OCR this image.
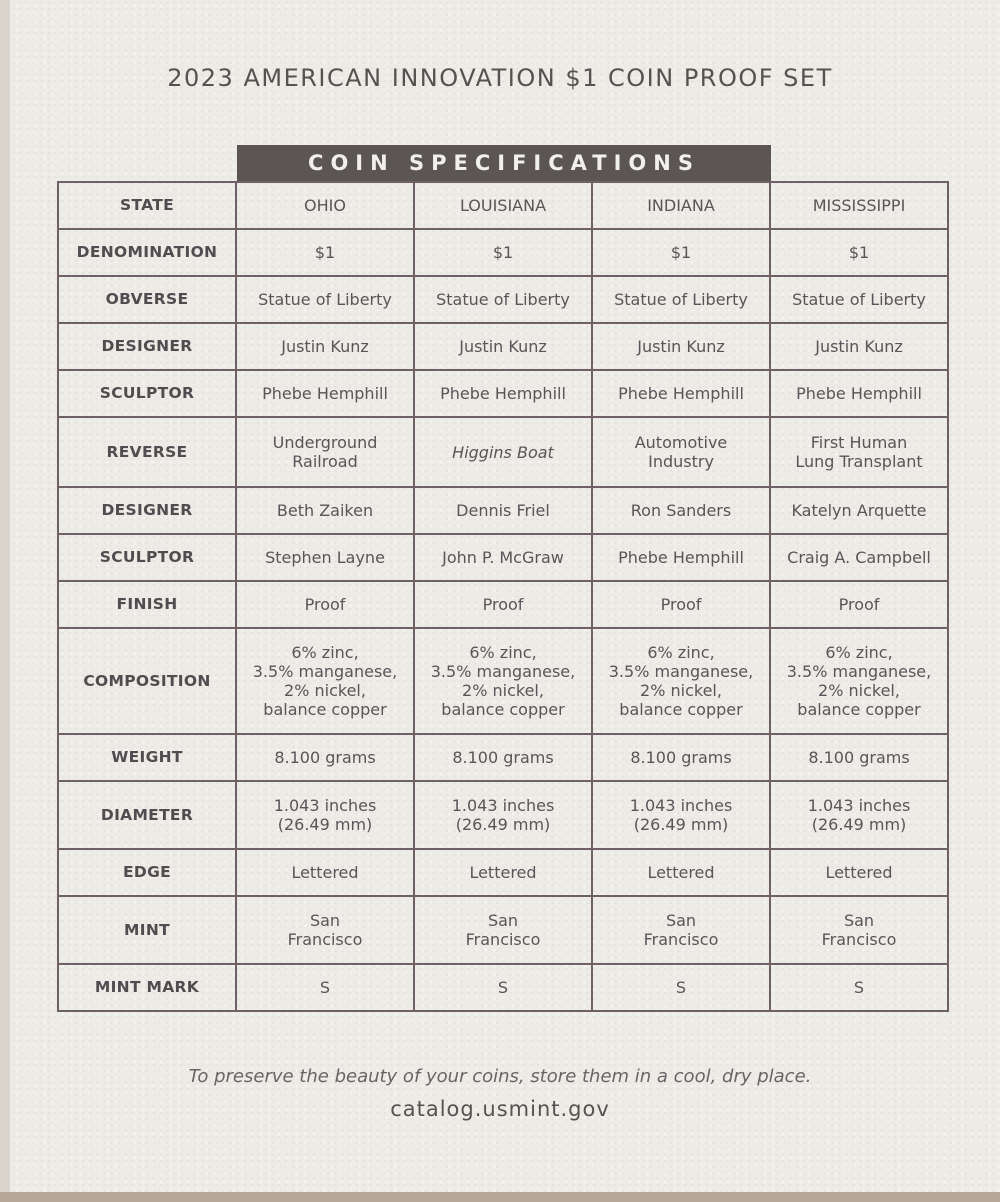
2023 AMERICAN INNOVATION $1 COIN PROOF SET
COIN SPECIFICATIONS
STATE	OHIO	LOUISIANA	INDIANA	MISSISSIPPI
DENOMINATION	$1	$1	$1	$1
OBVERSE	Statue of Liberty	Statue of Liberty	Statue of Liberty	Statue of Liberty
DESIGNER	Justin Kunz	Justin Kunz	Justin Kunz	Justin Kunz
SCULPTOR	Phebe Hemphill	Phebe Hemphill	Phebe Hemphill	Phebe Hemphill
REVERSE	Underground
Railroad	Higgins Boat	Automotive
Industry	First Human
Lung Transplant
DESIGNER	Beth Zaiken	Dennis Friel	Ron Sanders	Katelyn Arquette
SCULPTOR	Stephen Layne	John P. McGraw	Phebe Hemphill	Craig A. Campbell
FINISH	Proof	Proof	Proof	Proof
COMPOSITION	6% zinc,
3.5% manganese,
2% nickel,
balance copper	6% zinc,
3.5% manganese,
2% nickel,
balance copper	6% zinc,
3.5% manganese,
2% nickel,
balance copper	6% zinc,
3.5% manganese,
2% nickel,
balance copper
WEIGHT	8.100 grams	8.100 grams	8.100 grams	8.100 grams
DIAMETER	1.043 inches
(26.49 mm)	1.043 inches
(26.49 mm)	1.043 inches
(26.49 mm)	1.043 inches
(26.49 mm)
EDGE	Lettered	Lettered	Lettered	Lettered
MINT	San
Francisco	San
Francisco	San
Francisco	San
Francisco
MINT MARK	S	S	S	S
To preserve the beauty of your coins, store them in a cool, dry place.
catalog.usmint.gov
